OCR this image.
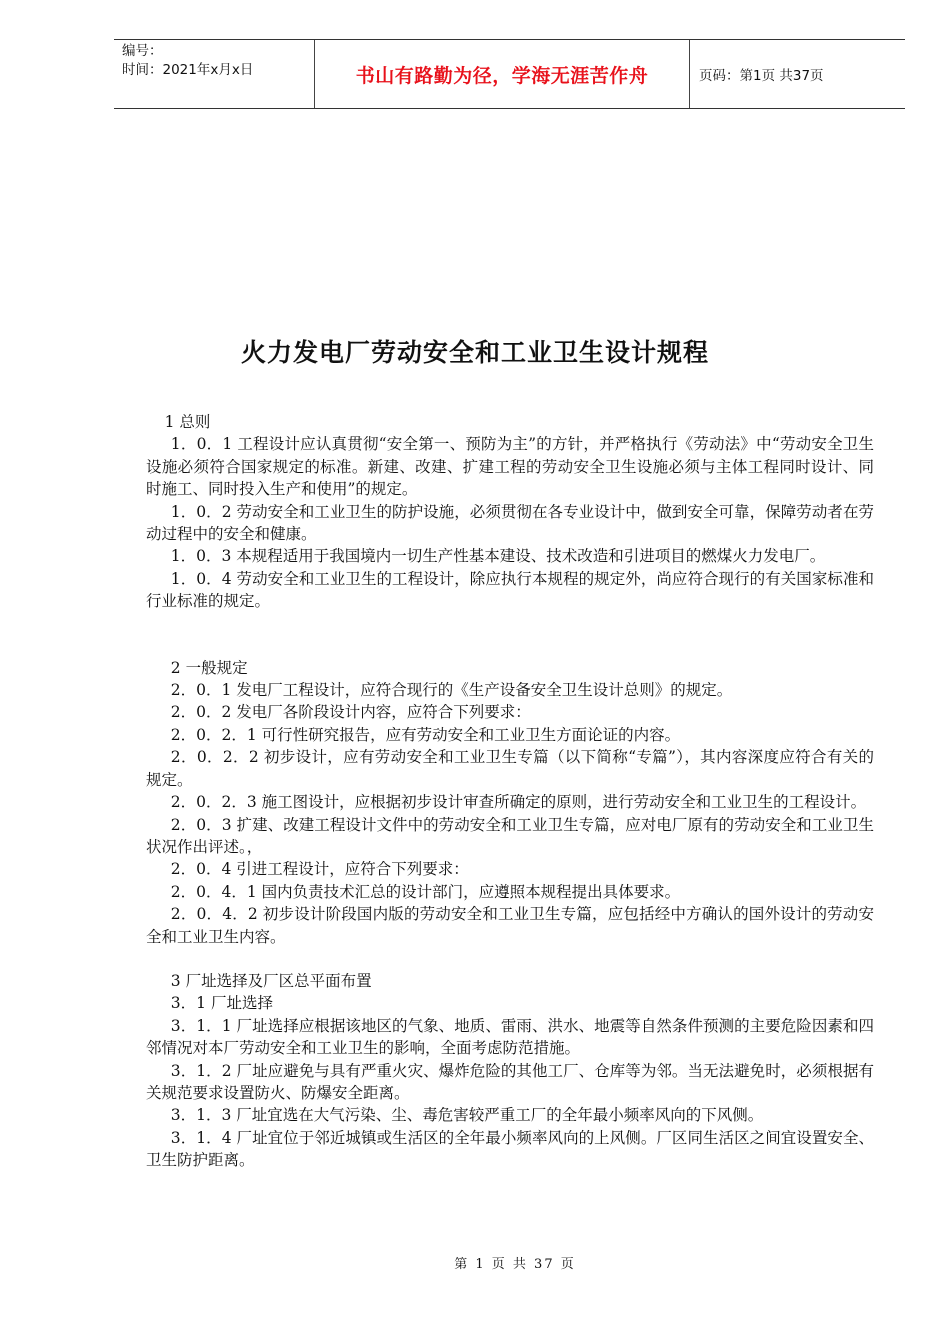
编号：
时间：2021年x月x日	书山有路勤为径，学海无涯苦作舟	页码：第1页 共37页
火力发电厂劳动安全和工业卫生设计规程

1 总则

1．0．1 工程设计应认真贯彻“安全第一、预防为主”的方针，并严格执行《劳动法》中“劳动安全卫生设施必须符合国家规定的标准。新建、改建、扩建工程的劳动安全卫生设施必须与主体工程同时设计、同时施工、同时投入生产和使用”的规定。

1．0．2 劳动安全和工业卫生的防护设施，必须贯彻在各专业设计中，做到安全可靠，保障劳动者在劳动过程中的安全和健康。

1．0．3 本规程适用于我国境内一切生产性基本建设、技术改造和引进项目的燃煤火力发电厂。

1．0．4 劳动安全和工业卫生的工程设计，除应执行本规程的规定外，尚应符合现行的有关国家标准和行业标准的规定。

2 一般规定

2．0．1 发电厂工程设计，应符合现行的《生产设备安全卫生设计总则》的规定。

2．0．2 发电厂各阶段设计内容，应符合下列要求：

2．0．2．1 可行性研究报告，应有劳动安全和工业卫生方面论证的内容。

2．0．2．2 初步设计，应有劳动安全和工业卫生专篇（以下简称“专篇”），其内容深度应符合有关的规定。

2．0．2．3 施工图设计，应根据初步设计审查所确定的原则，进行劳动安全和工业卫生的工程设计。

2．0．3 扩建、改建工程设计文件中的劳动安全和工业卫生专篇，应对电厂原有的劳动安全和工业卫生状况作出评述。，

2．0．4 引进工程设计，应符合下列要求：

2．0．4．1 国内负责技术汇总的设计部门，应遵照本规程提出具体要求。

2．0．4．2 初步设计阶段国内版的劳动安全和工业卫生专篇，应包括经中方确认的国外设计的劳动安全和工业卫生内容。

3 厂址选择及厂区总平面布置

3．1 厂址选择

3．1．1 厂址选择应根据该地区的气象、地质、雷雨、洪水、地震等自然条件预测的主要危险因素和四邻情况对本厂劳动安全和工业卫生的影响，全面考虑防范措施。

3．1．2 厂址应避免与具有严重火灾、爆炸危险的其他工厂、仓库等为邻。当无法避免时，必须根据有关规范要求设置防火、防爆安全距离。

3．1．3 厂址宜选在大气污染、尘、毒危害较严重工厂的全年最小频率风向的下风侧。

3．1．4 厂址宜位于邻近城镇或生活区的全年最小频率风向的上风侧。厂区同生活区之间宜设置安全、卫生防护距离。

第 1 页 共 37 页
